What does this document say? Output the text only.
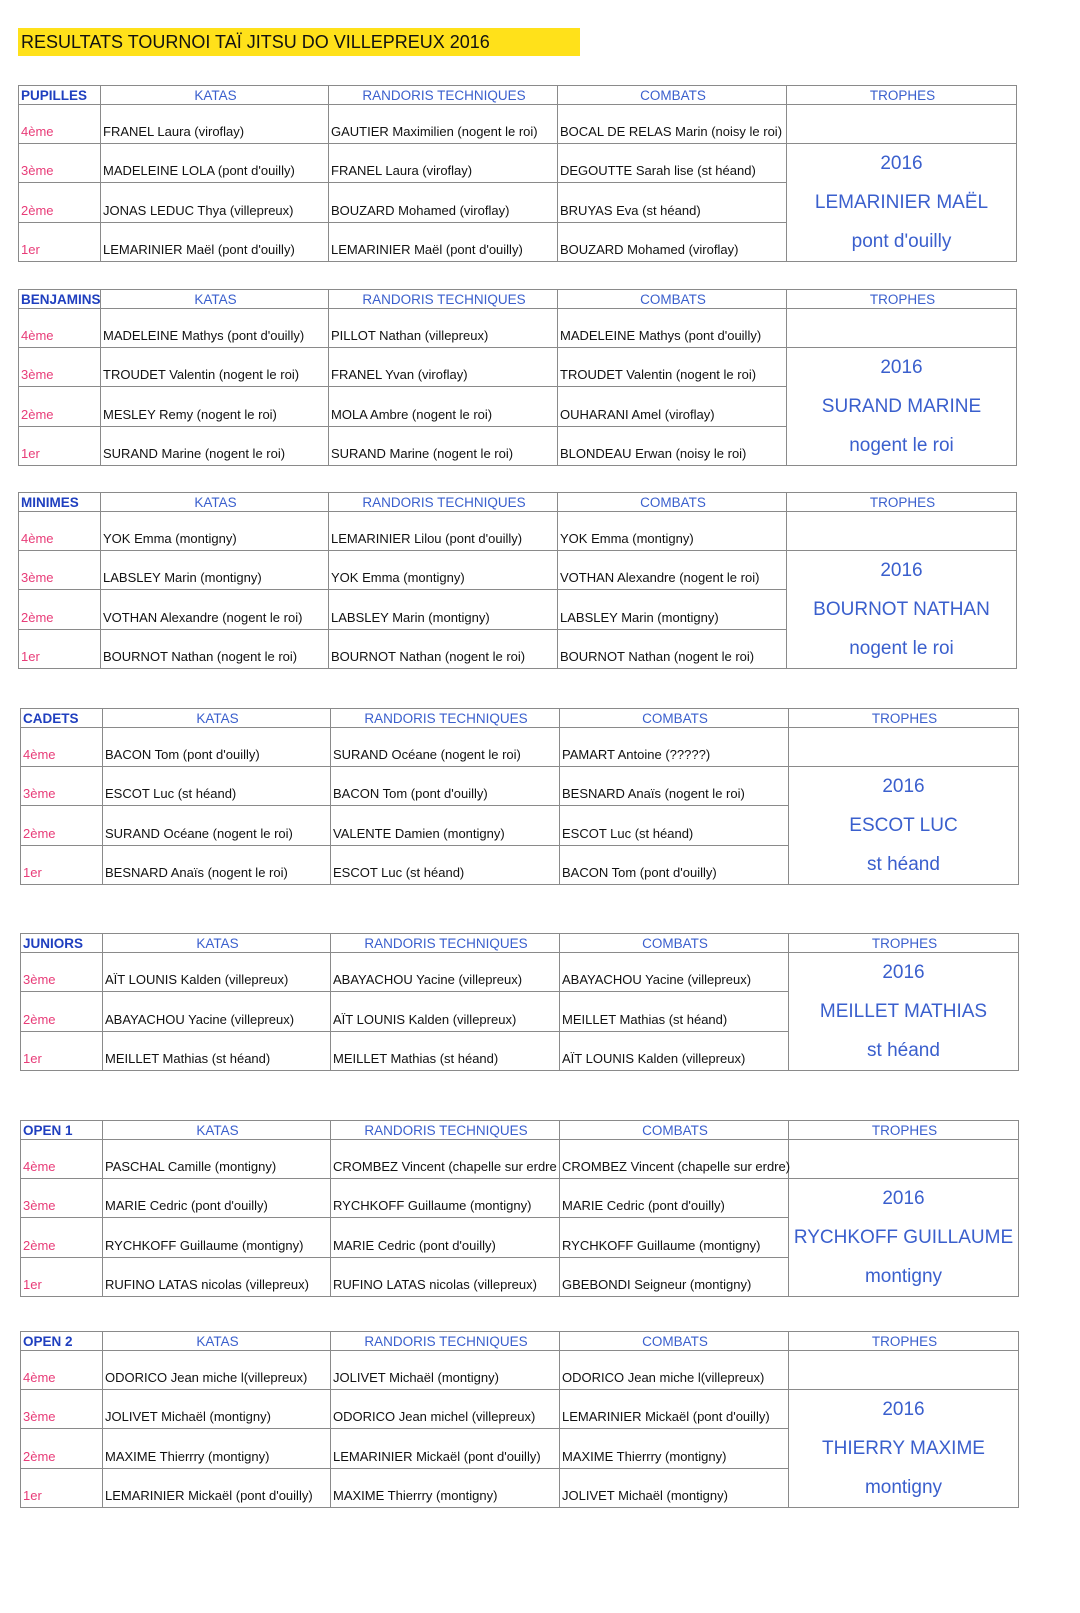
RESULTATS TOURNOI TAÏ JITSU DO VILLEPREUX 2016
PUPILLES	KATAS	RANDORIS TECHNIQUES	COMBATS	TROPHES
4ème	FRANEL Laura (viroflay)	GAUTIER Maximilien (nogent le roi)	BOCAL DE RELAS Marin (noisy le roi)	
3ème	MADELEINE LOLA (pont d'ouilly)	FRANEL Laura (viroflay)	DEGOUTTE Sarah lise (st héand)	2016
LEMARINIER MAËL
pont d'ouilly

2ème	JONAS LEDUC Thya (villepreux)	BOUZARD Mohamed (viroflay)	BRUYAS Eva (st héand)	
1er	LEMARINIER Maël (pont d'ouilly)	LEMARINIER Maël (pont d'ouilly)	BOUZARD Mohamed (viroflay)	
BENJAMINS	KATAS	RANDORIS TECHNIQUES	COMBATS	TROPHES
4ème	MADELEINE Mathys (pont d'ouilly)	PILLOT Nathan (villepreux)	MADELEINE Mathys (pont d'ouilly)	
3ème	TROUDET Valentin (nogent le roi)	FRANEL Yvan (viroflay)	TROUDET Valentin (nogent le roi)	2016
SURAND MARINE
nogent le roi

2ème	MESLEY Remy (nogent le roi)	MOLA Ambre (nogent le roi)	OUHARANI Amel (viroflay)	
1er	SURAND Marine (nogent le roi)	SURAND Marine (nogent le roi)	BLONDEAU Erwan (noisy le roi)	
MINIMES	KATAS	RANDORIS TECHNIQUES	COMBATS	TROPHES
4ème	YOK Emma (montigny)	LEMARINIER Lilou (pont d'ouilly)	YOK Emma (montigny)	
3ème	LABSLEY Marin (montigny)	YOK Emma (montigny)	VOTHAN Alexandre (nogent le roi)	2016
BOURNOT NATHAN
nogent le roi

2ème	VOTHAN Alexandre (nogent le roi)	LABSLEY Marin (montigny)	LABSLEY Marin (montigny)	
1er	BOURNOT Nathan (nogent le roi)	BOURNOT Nathan (nogent le roi)	BOURNOT Nathan (nogent le roi)	
CADETS	KATAS	RANDORIS TECHNIQUES	COMBATS	TROPHES
4ème	BACON Tom (pont d'ouilly)	SURAND Océane (nogent le roi)	PAMART Antoine (?????)	
3ème	ESCOT Luc (st héand)	BACON Tom (pont d'ouilly)	BESNARD Anaïs (nogent le roi)	2016
ESCOT LUC
st héand

2ème	SURAND Océane (nogent le roi)	VALENTE Damien (montigny)	ESCOT Luc (st héand)	
1er	BESNARD Anaïs (nogent le roi)	ESCOT Luc (st héand)	BACON Tom (pont d'ouilly)	
JUNIORS	KATAS	RANDORIS TECHNIQUES	COMBATS	TROPHES
3ème	AÏT LOUNIS Kalden (villepreux)	ABAYACHOU Yacine (villepreux)	ABAYACHOU Yacine (villepreux)	2016
MEILLET MATHIAS
st héand

2ème	ABAYACHOU Yacine (villepreux)	AÏT LOUNIS Kalden (villepreux)	MEILLET Mathias (st héand)	
1er	MEILLET Mathias (st héand)	MEILLET Mathias (st héand)	AÏT LOUNIS Kalden (villepreux)	
OPEN 1	KATAS	RANDORIS TECHNIQUES	COMBATS	TROPHES
4ème	PASCHAL Camille (montigny)	CROMBEZ Vincent (chapelle sur erdre	CROMBEZ Vincent (chapelle sur erdre)	
3ème	MARIE Cedric (pont d'ouilly)	RYCHKOFF Guillaume (montigny)	MARIE Cedric (pont d'ouilly)	2016
RYCHKOFF GUILLAUME
montigny

2ème	RYCHKOFF Guillaume (montigny)	MARIE Cedric (pont d'ouilly)	RYCHKOFF Guillaume (montigny)	
1er	RUFINO LATAS nicolas (villepreux)	RUFINO LATAS nicolas (villepreux)	GBEBONDI Seigneur (montigny)	
OPEN 2	KATAS	RANDORIS TECHNIQUES	COMBATS	TROPHES
4ème	ODORICO Jean miche l(villepreux)	JOLIVET Michaël (montigny)	ODORICO Jean miche l(villepreux)	
3ème	JOLIVET Michaël (montigny)	ODORICO Jean michel (villepreux)	LEMARINIER Mickaël (pont d'ouilly)	2016
THIERRY MAXIME
montigny

2ème	MAXIME Thierrry (montigny)	LEMARINIER Mickaël (pont d'ouilly)	MAXIME Thierrry (montigny)	
1er	LEMARINIER Mickaël (pont d'ouilly)	MAXIME Thierrry (montigny)	JOLIVET Michaël (montigny)	
